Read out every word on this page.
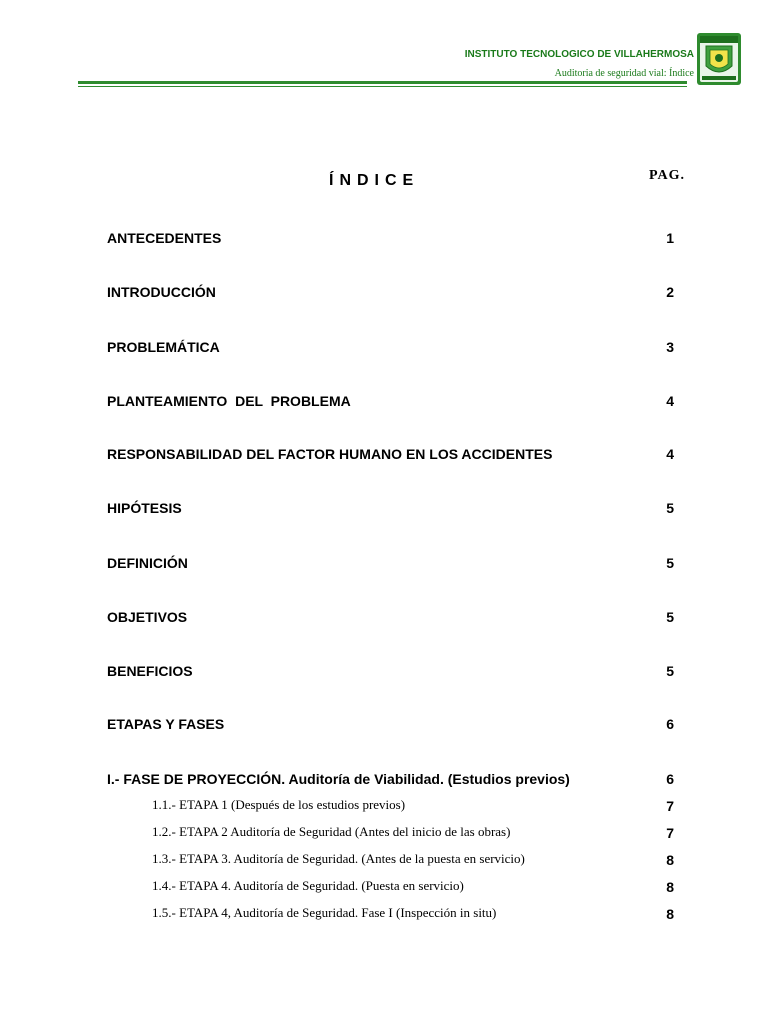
INSTITUTO TECNOLOGICO DE VILLAHERMOSA
Auditoria de seguridad vial: Índice
ÍNDICE	PAG.
ANTECEDENTES	1
INTRODUCCIÓN	2
PROBLEMÁTICA	3
PLANTEAMIENTO  DEL  PROBLEMA	4
RESPONSABILIDAD DEL FACTOR HUMANO EN LOS ACCIDENTES	4
HIPÓTESIS	5
DEFINICIÓN	5
OBJETIVOS	5
BENEFICIOS	5
ETAPAS Y FASES	6
I.- FASE DE PROYECCIÓN. Auditoría de Viabilidad. (Estudios previos)	6
1.1.- ETAPA 1 (Después de los estudios previos)	7
1.2.- ETAPA 2 Auditoría de Seguridad (Antes del inicio de las obras)	7
1.3.- ETAPA 3. Auditoría de Seguridad. (Antes de la puesta en servicio)	8
1.4.- ETAPA 4. Auditoría de Seguridad. (Puesta en servicio)	8
1.5.- ETAPA 4, Auditoría de Seguridad. Fase I (Inspección in situ)	8
